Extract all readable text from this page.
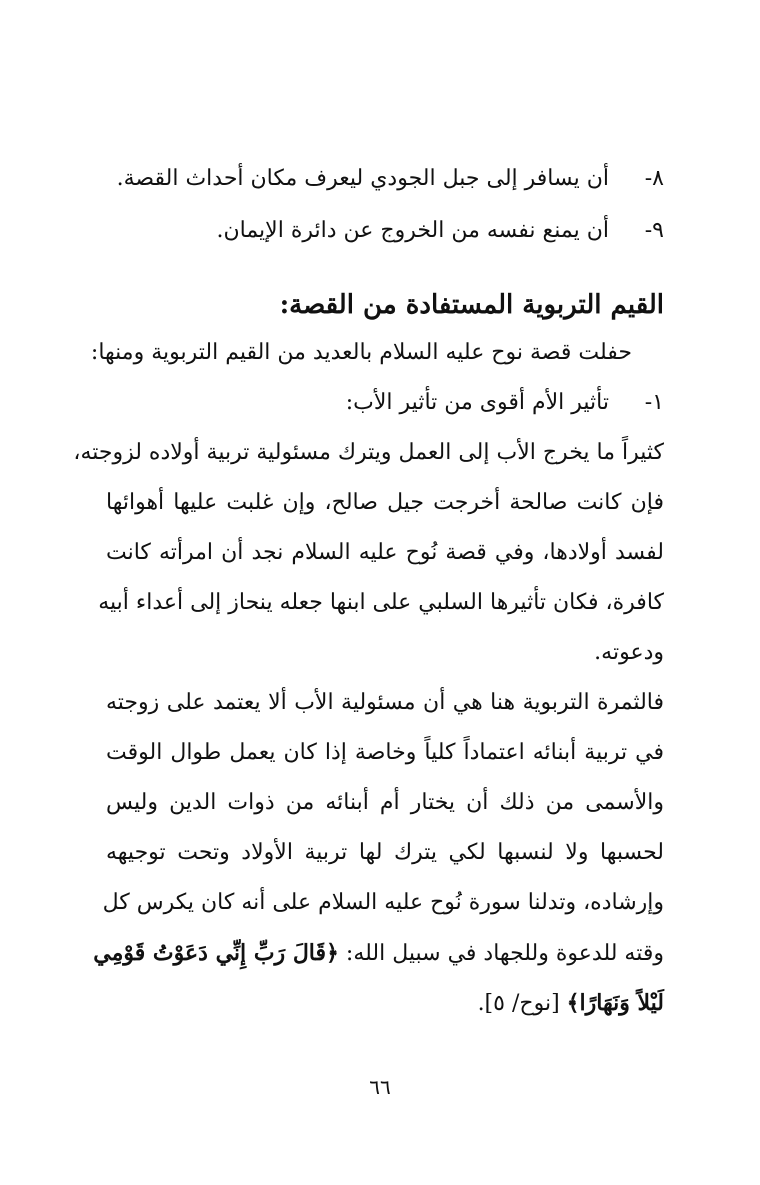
٨- أن يسافر إلى جبل الجودي ليعرف مكان أحداث القصة.
٩- أن يمنع نفسه من الخروج عن دائرة الإيمان.
القيم التربوية المستفادة من القصة:
حفلت قصة نوح عليه السلام بالعديد من القيم التربوية ومنها:
١- تأثير الأم أقوى من تأثير الأب:
كثيراً ما يخرج الأب إلى العمل ويترك مسئولية تربية أولاده لزوجته،
فإن كانت صالحة أخرجت جيل صالح، وإن غلبت عليها أهوائها
لفسد أولادها، وفي قصة نُوح عليه السلام نجد أن امرأته كانت
كافرة، فكان تأثيرها السلبي على ابنها جعله ينحاز إلى أعداء أبيه
ودعوته.
فالثمرة التربوية هنا هي أن مسئولية الأب ألا يعتمد على زوجته
في تربية أبنائه اعتماداً كلياً وخاصة إذا كان يعمل طوال الوقت
والأسمى من ذلك أن يختار أم أبنائه من ذوات الدين وليس
لحسبها ولا لنسبها لكي يترك لها تربية الأولاد وتحت توجيهه
وإرشاده، وتدلنا سورة نُوح عليه السلام على أنه كان يكرس كل
وقته للدعوة وللجهاد في سبيل الله: ﴿قَالَ رَبِّ إِنِّي دَعَوْتُ قَوْمِي
لَيْلاً وَنَهَارًا﴾ [نوح/ ٥].
٦٦
